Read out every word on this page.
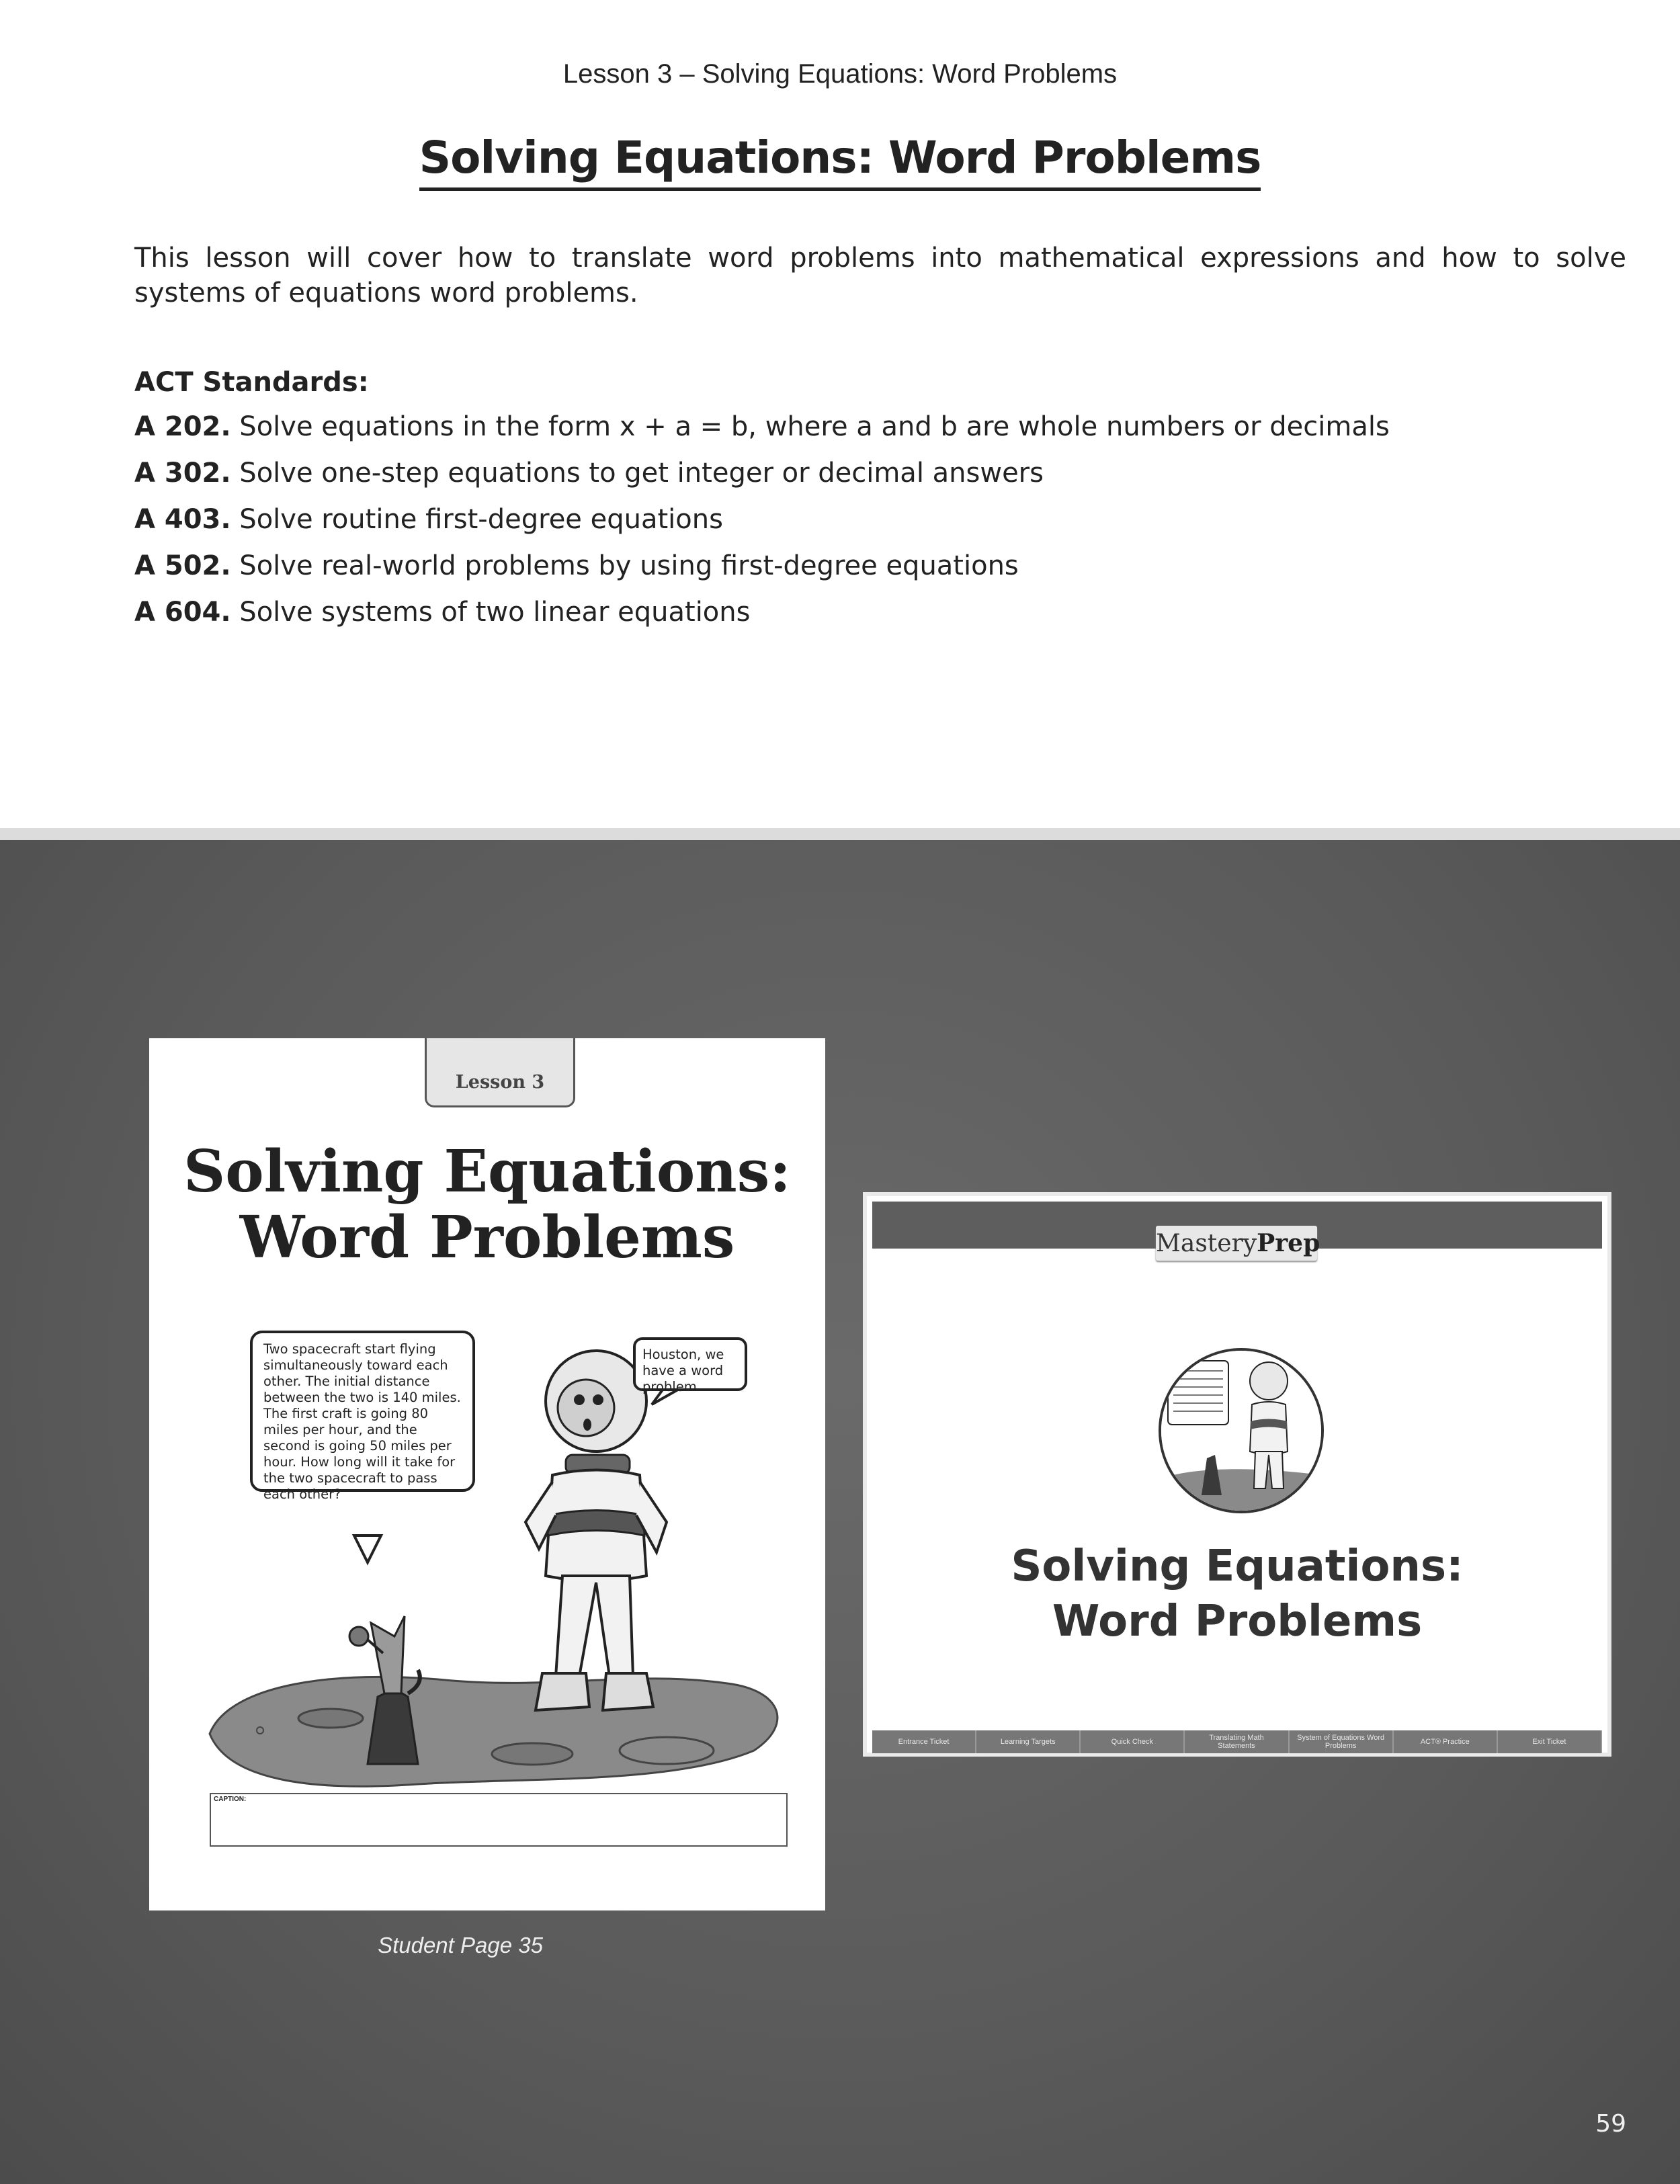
Lesson 3 – Solving Equations: Word Problems
Solving Equations: Word Problems
This lesson will cover how to translate word problems into mathematical expressions and how to solve systems of equations word problems.
ACT Standards:
A 202. Solve equations in the form x + a = b, where a and b are whole numbers or decimals
A 302. Solve one-step equations to get integer or decimal answers
A 403. Solve routine first-degree equations
A 502. Solve real-world problems by using first-degree equations
A 604. Solve systems of two linear equations
Lesson 3
Solving Equations:
Word Problems
Two spacecraft start flying simultaneously toward each other. The initial distance between the two is 140 miles. The first craft is going 80 miles per hour, and the second is going 50 miles per hour. How long will it take for the two spacecraft to pass each other?
Houston, we have a word problem.
CAPTION:
Student Page 35
MasteryPrep
Solving Equations:
Word Problems
Entrance Ticket	Learning Targets	Quick Check	Translating Math Statements
System of Equations Word Problems	ACT® Practice	Exit Ticket
59
